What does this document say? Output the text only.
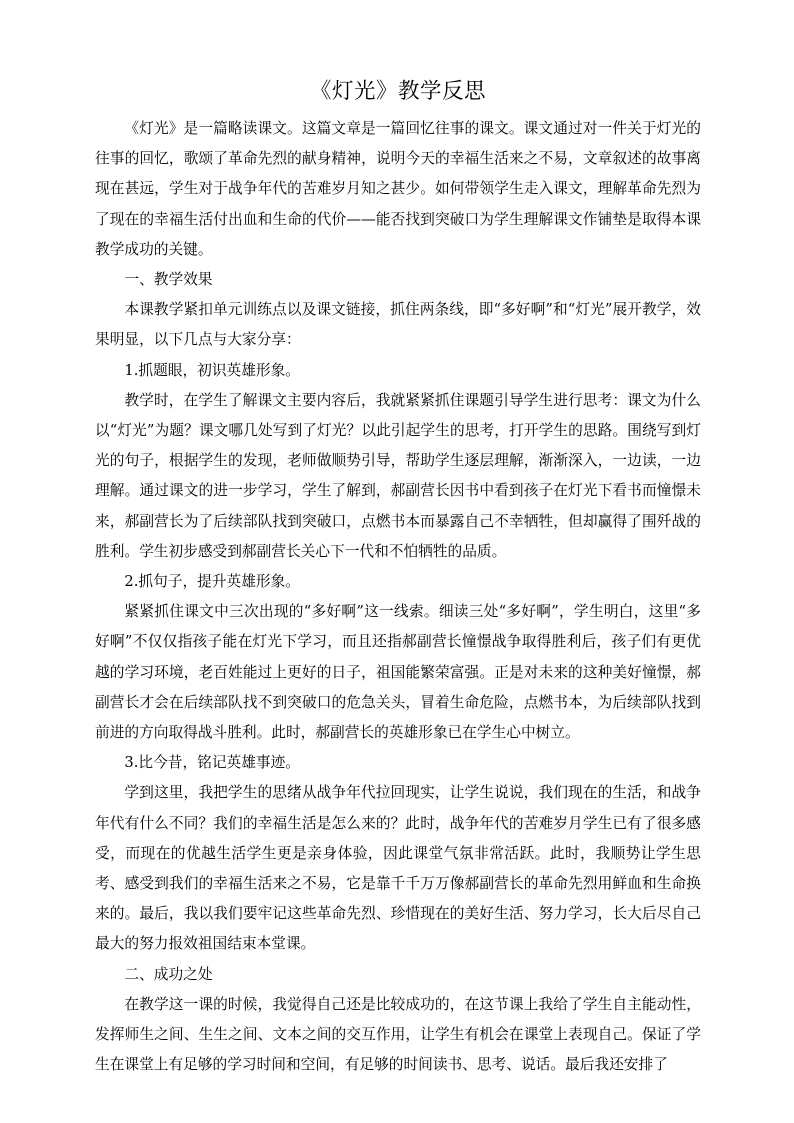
《灯光》教学反思

《灯光》是一篇略读课文。这篇文章是一篇回忆往事的课文。课文通过对一件关于灯光的往事的回忆，歌颂了革命先烈的献身精神，说明今天的幸福生活来之不易，文章叙述的故事离现在甚远，学生对于战争年代的苦难岁月知之甚少。如何带领学生走入课文，理解革命先烈为了现在的幸福生活付出血和生命的代价——能否找到突破口为学生理解课文作铺垫是取得本课教学成功的关键。

一、教学效果

本课教学紧扣单元训练点以及课文链接，抓住两条线，即“多好啊”和“灯光”展开教学，效果明显，以下几点与大家分享：

1.抓题眼，初识英雄形象。

教学时，在学生了解课文主要内容后，我就紧紧抓住课题引导学生进行思考：课文为什么以“灯光”为题？课文哪几处写到了灯光？以此引起学生的思考，打开学生的思路。围绕写到灯光的句子，根据学生的发现，老师做顺势引导，帮助学生逐层理解，渐渐深入，一边读，一边理解。通过课文的进一步学习，学生了解到，郝副营长因书中看到孩子在灯光下看书而憧憬未来，郝副营长为了后续部队找到突破口，点燃书本而暴露自己不幸牺牲，但却赢得了围歼战的胜利。学生初步感受到郝副营长关心下一代和不怕牺牲的品质。

2.抓句子，提升英雄形象。

紧紧抓住课文中三次出现的“多好啊”这一线索。细读三处“多好啊”，学生明白，这里“多好啊”不仅仅指孩子能在灯光下学习，而且还指郝副营长憧憬战争取得胜利后，孩子们有更优越的学习环境，老百姓能过上更好的日子，祖国能繁荣富强。正是对未来的这种美好憧憬，郝副营长才会在后续部队找不到突破口的危急关头，冒着生命危险，点燃书本，为后续部队找到前进的方向取得战斗胜利。此时，郝副营长的英雄形象已在学生心中树立。

3.比今昔，铭记英雄事迹。

学到这里，我把学生的思绪从战争年代拉回现实，让学生说说，我们现在的生活，和战争年代有什么不同？我们的幸福生活是怎么来的？此时，战争年代的苦难岁月学生已有了很多感受，而现在的优越生活学生更是亲身体验，因此课堂气氛非常活跃。此时，我顺势让学生思考、感受到我们的幸福生活来之不易，它是靠千千万万像郝副营长的革命先烈用鲜血和生命换来的。最后，我以我们要牢记这些革命先烈、珍惜现在的美好生活、努力学习，长大后尽自己最大的努力报效祖国结束本堂课。

二、成功之处

在教学这一课的时候，我觉得自己还是比较成功的，在这节课上我给了学生自主能动性，发挥师生之间、生生之间、文本之间的交互作用，让学生有机会在课堂上表现自己。保证了学生在课堂上有足够的学习时间和空间，有足够的时间读书、思考、说话。最后我还安排了
